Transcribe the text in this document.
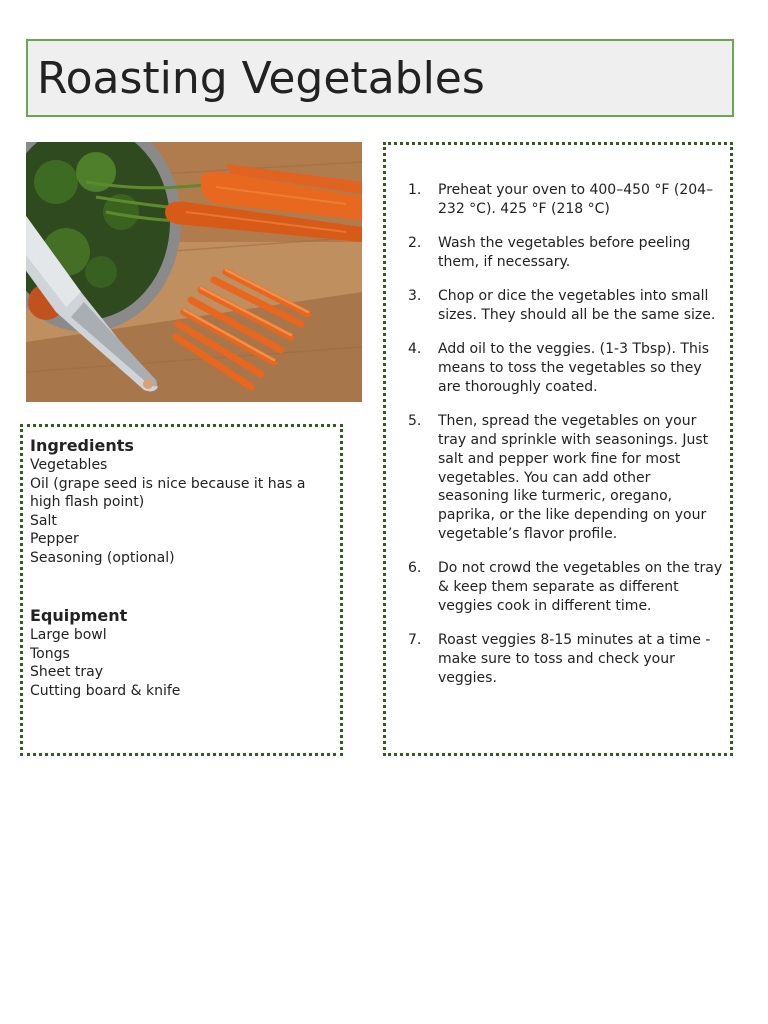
Roasting Vegetables
Ingredients
Vegetables
Oil (grape seed is nice because it has a high flash point)
Salt
Pepper
Seasoning (optional)
Equipment
Large bowl
Tongs
Sheet tray
Cutting board & knife
1. Preheat your oven to 400–450 °F (204–232 °C). 425 °F (218 °C)
2. Wash the vegetables before peeling them, if necessary.
3. Chop or dice the vegetables into small sizes. They should all be the same size.
4. Add oil to the veggies. (1-3 Tbsp). This means to toss the vegetables so they are thoroughly coated.
5. Then, spread the vegetables on your tray and sprinkle with seasonings. Just salt and pepper work fine for most vegetables. You can add other seasoning like turmeric, oregano, paprika, or the like depending on your vegetable’s flavor profile.
6. Do not crowd the vegetables on the tray & keep them separate as different veggies cook in different time.
7. Roast veggies 8-15 minutes at a time - make sure to toss and check your veggies.
